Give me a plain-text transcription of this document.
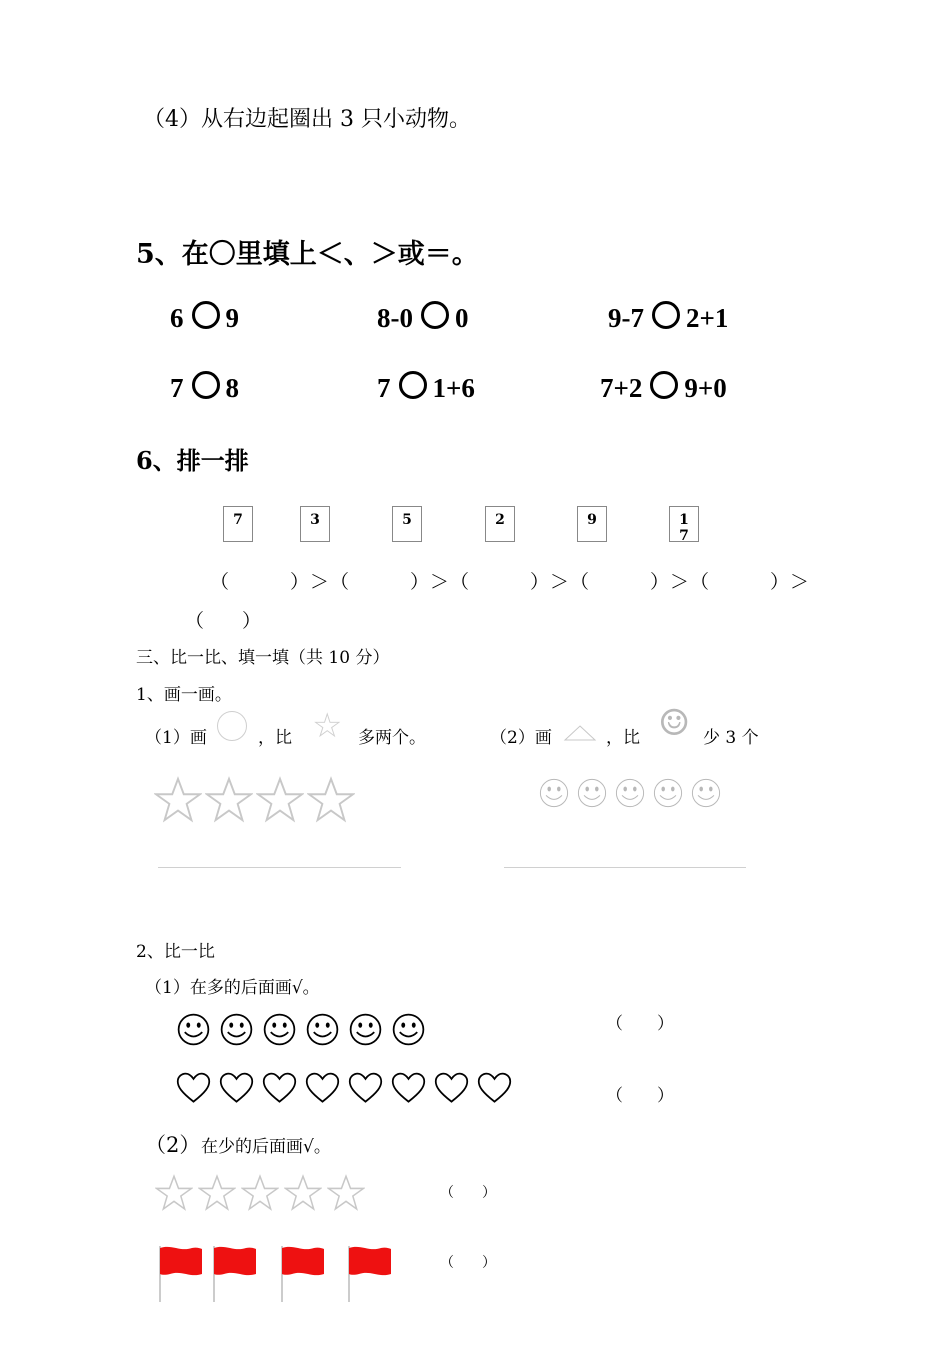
（4）从右边起圈出 3 只小动物。
5、在〇里填上＜、＞或＝。
6 9	8-0 0	9-7 2+1
7 8	7 1+6	7+2 9+0
6、排一排
7	3	5	2	9	1
7
（　　　）＞（　　　）＞（　　　）＞（　　　）＞（　　　）＞
（　　）
三、比一比、填一填（共 10 分）
1、画一画。
（1）画	，比 ☆ 多两个。	（2）画	，比 ☺ 少 3 个
2、比一比
（1）在多的后面画√。
（　　）
（　　）
（2） 在少的后面画√。
（　　）
（　　）
